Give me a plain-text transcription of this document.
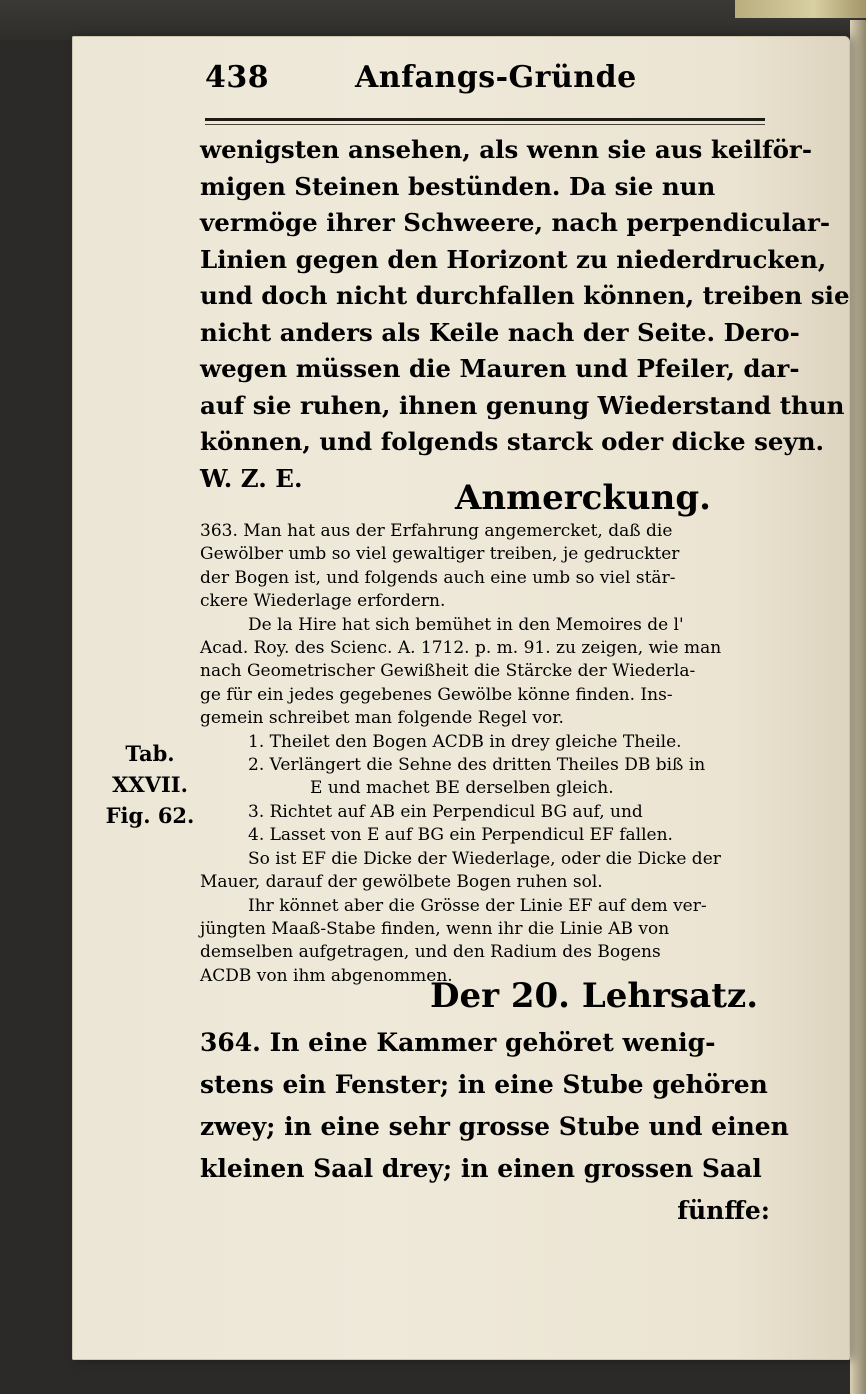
438	Anfangs-Gründe
wenigsten ansehen, als wenn sie aus keilför-
migen Steinen bestünden. Da sie nun
vermöge ihrer Schweere, nach perpendicular-
Linien gegen den Horizont zu niederdrucken,
und doch nicht durchfallen können, treiben sie
nicht anders als Keile nach der Seite. Dero-
wegen müssen die Mauren und Pfeiler, dar-
auf sie ruhen, ihnen genung Wiederstand thun
können, und folgends starck oder dicke seyn.
W. Z. E.	Anmerckung.
363. Man hat aus der Erfahrung angemercket, daß die
Gewölber umb so viel gewaltiger treiben, je gedruckter
der Bogen ist, und folgends auch eine umb so viel stär-
ckere Wiederlage erfordern.
De la Hire hat sich bemühet in den Memoires de l'
Acad. Roy. des Scienc. A. 1712. p. m. 91. zu zeigen, wie man
nach Geometrischer Gewißheit die Stärcke der Wiederla-
ge für ein jedes gegebenes Gewölbe könne finden. Ins-
gemein schreibet man folgende Regel vor.
1. Theilet den Bogen ACDB in drey gleiche Theile.
2. Verlängert die Sehne des dritten Theiles DB biß in
E und machet BE derselben gleich.
3. Richtet auf AB ein Perpendicul BG auf, und
4. Lasset von E auf BG ein Perpendicul EF fallen.
So ist EF die Dicke der Wiederlage, oder die Dicke der
Mauer, darauf der gewölbete Bogen ruhen sol.
Ihr könnet aber die Grösse der Linie EF auf dem ver-
jüngten Maaß-Stabe finden, wenn ihr die Linie AB von
demselben aufgetragen, und den Radium des Bogens
ACDB von ihm abgenommen.
Tab.
XXVII.
Fig. 62.
Der 20. Lehrsatz.
364. In eine Kammer gehöret wenig-
stens ein Fenster; in eine Stube gehören
zwey; in eine sehr grosse Stube und einen
kleinen Saal drey; in einen grossen Saal
fünffe:
